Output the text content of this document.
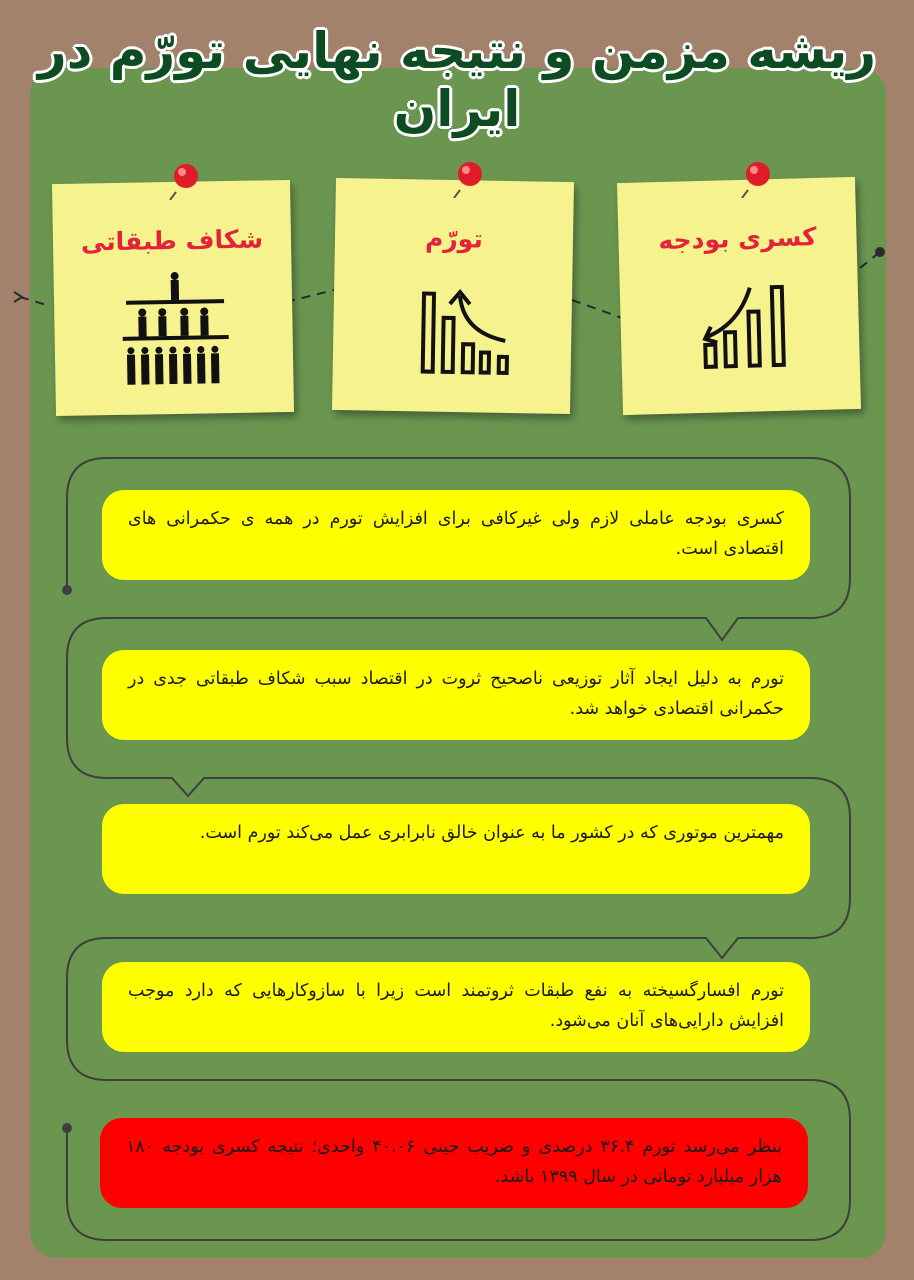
ریشه مزمن و نتیجه نهایی تورّم در ایران
کسری بودجه
تورّم
شکاف طبقاتی
کسری بودجه عاملی لازم ولی غیرکافی برای افزایش تورم در همه ی حکمرانی های اقتصادی است.
تورم به دلیل ایجاد آثار توزیعی ناصحیح ثروت در اقتصاد سبب شکاف طبقاتی جدی در حکمرانی اقتصادی خواهد شد.
مهمترین موتوری که در کشور ما به عنوان خالق نابرابری عمل می‌کند تورم است.
تورم افسارگسیخته به نفع طبقات ثروتمند است زیرا با سازوکارهایی که دارد موجب افزایش دارایی‌های آنان می‌شود.
بنظر می‌رسد تورم ۳۶.۴ درصدی و ضریب جینی ۴۰.۰۶ واحدی؛ نتیجه کسری بودجه ۱۸۰ هزار میلیارد تومانی در سال ۱۳۹۹ باشد.
